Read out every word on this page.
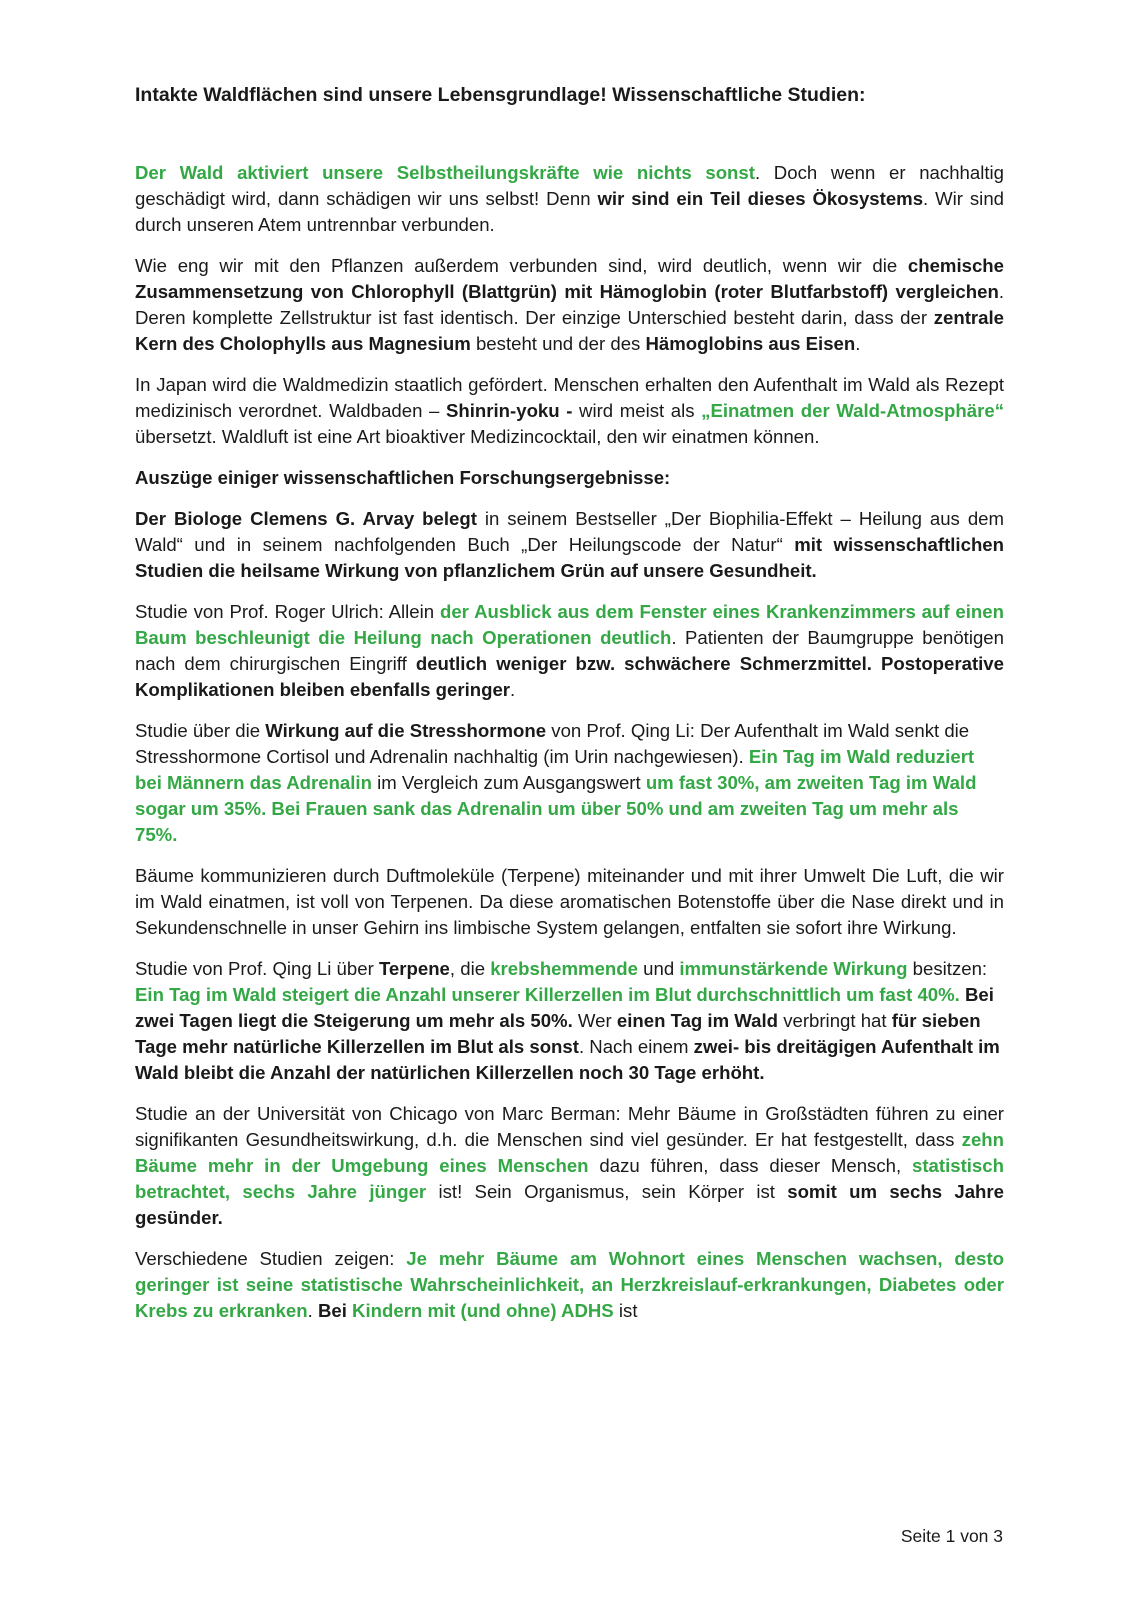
Intakte Waldflächen sind unsere Lebensgrundlage! Wissenschaftliche Studien:

Der Wald aktiviert unsere Selbstheilungskräfte wie nichts sonst. Doch wenn er nachhaltig geschädigt wird, dann schädigen wir uns selbst! Denn wir sind ein Teil dieses Ökosystems. Wir sind durch unseren Atem untrennbar verbunden.

Wie eng wir mit den Pflanzen außerdem verbunden sind, wird deutlich, wenn wir die chemische Zusammensetzung von Chlorophyll (Blattgrün) mit Hämoglobin (roter Blutfarbstoff) vergleichen. Deren komplette Zellstruktur ist fast identisch. Der einzige Unterschied besteht darin, dass der zentrale Kern des Cholophylls aus Magnesium besteht und der des Hämoglobins aus Eisen.

In Japan wird die Waldmedizin staatlich gefördert. Menschen erhalten den Aufenthalt im Wald als Rezept medizinisch verordnet. Waldbaden – Shinrin-yoku - wird meist als „Einatmen der Wald-Atmosphäre“ übersetzt. Waldluft ist eine Art bioaktiver Medizincocktail, den wir einatmen können.

Auszüge einiger wissenschaftlichen Forschungsergebnisse:

Der Biologe Clemens G. Arvay belegt in seinem Bestseller „Der Biophilia-Effekt – Heilung aus dem Wald“ und in seinem nachfolgenden Buch „Der Heilungscode der Natur“ mit wissenschaftlichen Studien die heilsame Wirkung von pflanzlichem Grün auf unsere Gesundheit.

Studie von Prof. Roger Ulrich: Allein der Ausblick aus dem Fenster eines Krankenzimmers auf einen Baum beschleunigt die Heilung nach Operationen deutlich. Patienten der Baumgruppe benötigen nach dem chirurgischen Eingriff deutlich weniger bzw. schwächere Schmerzmittel. Postoperative Komplikationen bleiben ebenfalls geringer.

Studie über die Wirkung auf die Stresshormone von Prof. Qing Li: Der Aufenthalt im Wald senkt die Stresshormone Cortisol und Adrenalin nachhaltig (im Urin nachgewiesen). Ein Tag im Wald reduziert bei Männern das Adrenalin im Vergleich zum Ausgangswert um fast 30%, am zweiten Tag im Wald sogar um 35%. Bei Frauen sank das Adrenalin um über 50% und am zweiten Tag um mehr als 75%.

Bäume kommunizieren durch Duftmoleküle (Terpene) miteinander und mit ihrer Umwelt Die Luft, die wir im Wald einatmen, ist voll von Terpenen. Da diese aromatischen Botenstoffe über die Nase direkt und in Sekundenschnelle in unser Gehirn ins limbische System gelangen, entfalten sie sofort ihre Wirkung.

Studie von Prof. Qing Li über Terpene, die krebshemmende und immunstärkende Wirkung besitzen: Ein Tag im Wald steigert die Anzahl unserer Killerzellen im Blut durchschnittlich um fast 40%. Bei zwei Tagen liegt die Steigerung um mehr als 50%. Wer einen Tag im Wald verbringt hat für sieben Tage mehr natürliche Killerzellen im Blut als sonst. Nach einem zwei- bis dreitägigen Aufenthalt im Wald bleibt die Anzahl der natürlichen Killerzellen noch 30 Tage erhöht.

Studie an der Universität von Chicago von Marc Berman: Mehr Bäume in Großstädten führen zu einer signifikanten Gesundheitswirkung, d.h. die Menschen sind viel gesünder. Er hat festgestellt, dass zehn Bäume mehr in der Umgebung eines Menschen dazu führen, dass dieser Mensch, statistisch betrachtet, sechs Jahre jünger ist! Sein Organismus, sein Körper ist somit um sechs Jahre gesünder.

Verschiedene Studien zeigen: Je mehr Bäume am Wohnort eines Menschen wachsen, desto geringer ist seine statistische Wahrscheinlichkeit, an Herzkreislauf-erkrankungen, Diabetes oder Krebs zu erkranken. Bei Kindern mit (und ohne) ADHS ist

Seite 1 von 3
